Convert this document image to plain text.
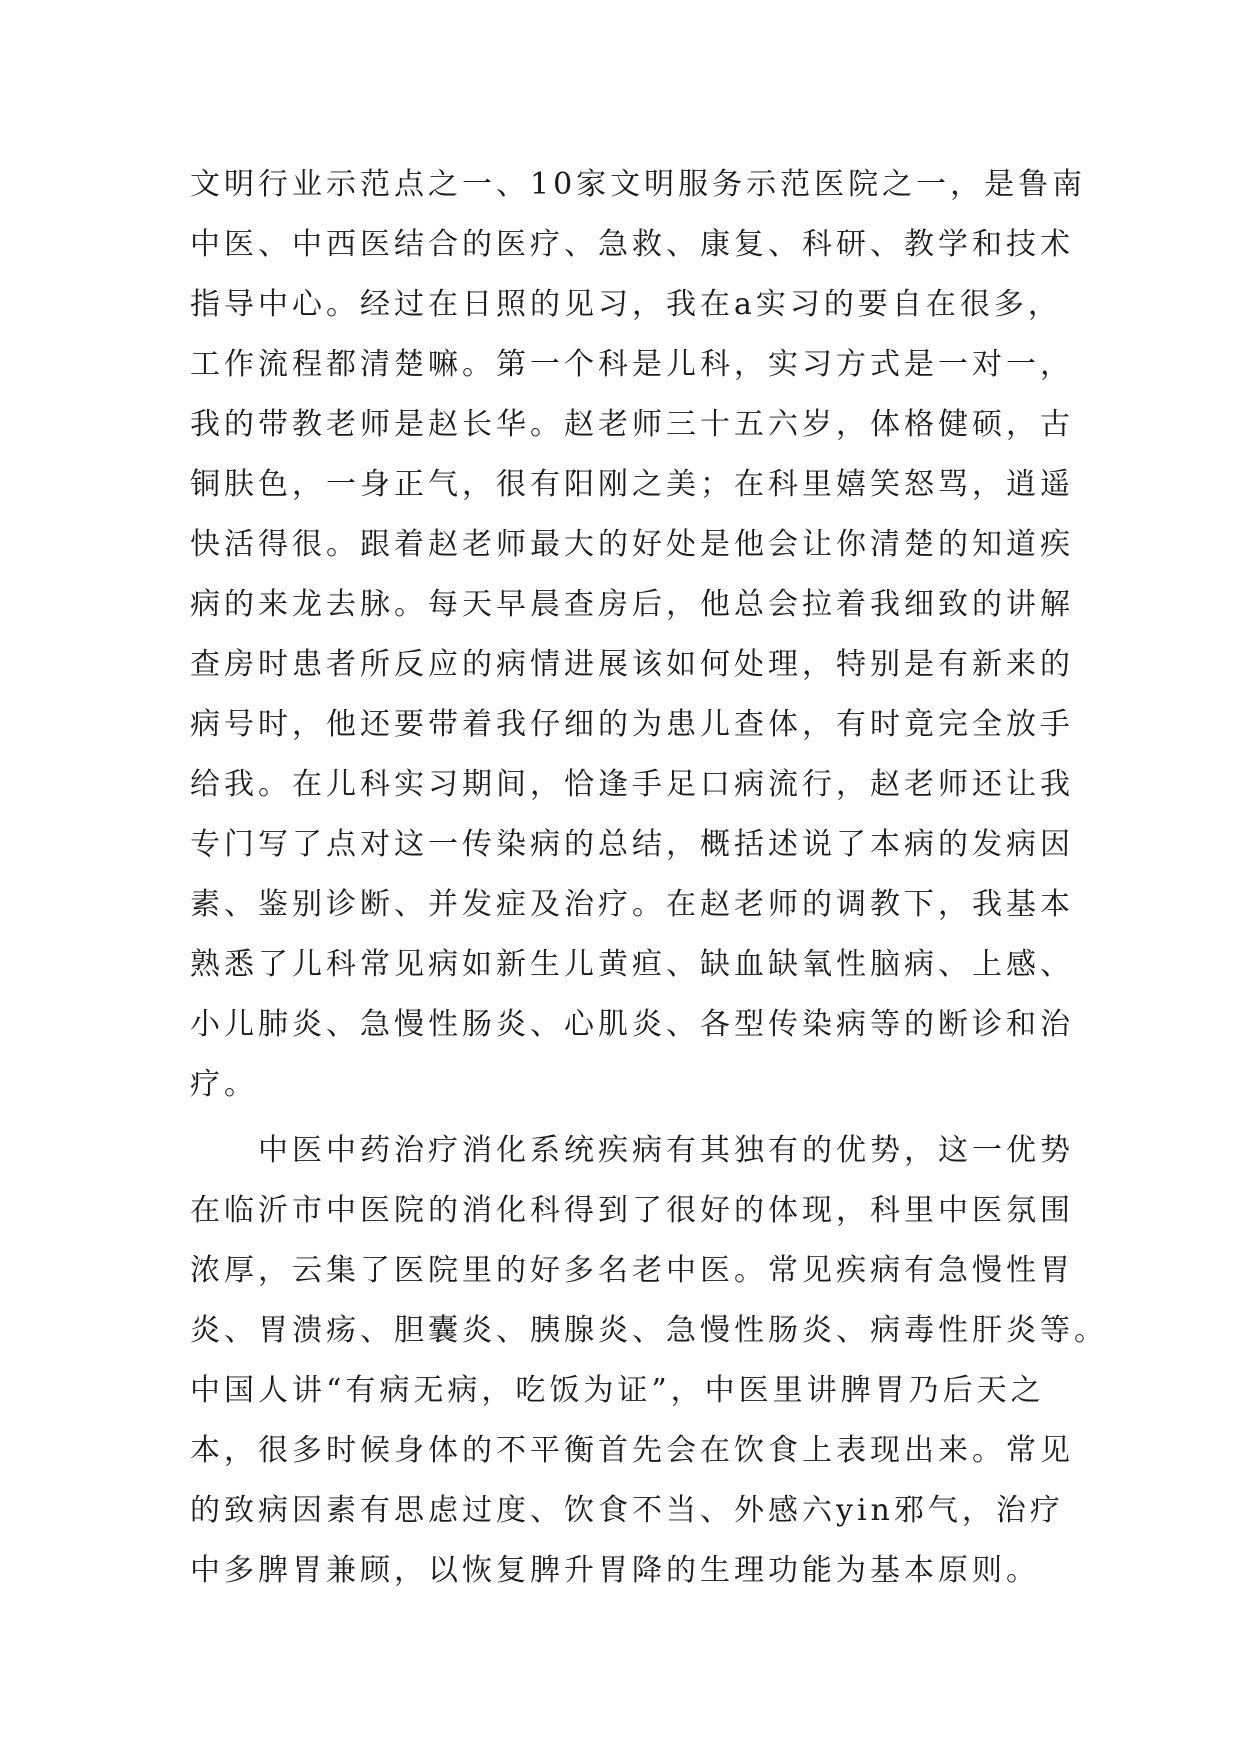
文明行业示范点之一、10家文明服务示范医院之一，是鲁南
中医、中西医结合的医疗、急救、康复、科研、教学和技术
指导中心。经过在日照的见习，我在a实习的要自在很多，
工作流程都清楚嘛。第一个科是儿科，实习方式是一对一，
我的带教老师是赵长华。赵老师三十五六岁，体格健硕，古
铜肤色，一身正气，很有阳刚之美；在科里嬉笑怒骂，逍遥
快活得很。跟着赵老师最大的好处是他会让你清楚的知道疾
病的来龙去脉。每天早晨查房后，他总会拉着我细致的讲解
查房时患者所反应的病情进展该如何处理，特别是有新来的
病号时，他还要带着我仔细的为患儿查体，有时竟完全放手
给我。在儿科实习期间，恰逢手足口病流行，赵老师还让我
专门写了点对这一传染病的总结，概括述说了本病的发病因
素、鉴别诊断、并发症及治疗。在赵老师的调教下，我基本
熟悉了儿科常见病如新生儿黄疸、缺血缺氧性脑病、上感、
小儿肺炎、急慢性肠炎、心肌炎、各型传染病等的断诊和治
疗。
　　中医中药治疗消化系统疾病有其独有的优势，这一优势
在临沂市中医院的消化科得到了很好的体现，科里中医氛围
浓厚，云集了医院里的好多名老中医。常见疾病有急慢性胃
炎、胃溃疡、胆囊炎、胰腺炎、急慢性肠炎、病毒性肝炎等。
中国人讲“有病无病，吃饭为证”，中医里讲脾胃乃后天之
本，很多时候身体的不平衡首先会在饮食上表现出来。常见
的致病因素有思虑过度、饮食不当、外感六yin邪气，治疗
中多脾胃兼顾，以恢复脾升胃降的生理功能为基本原则。
